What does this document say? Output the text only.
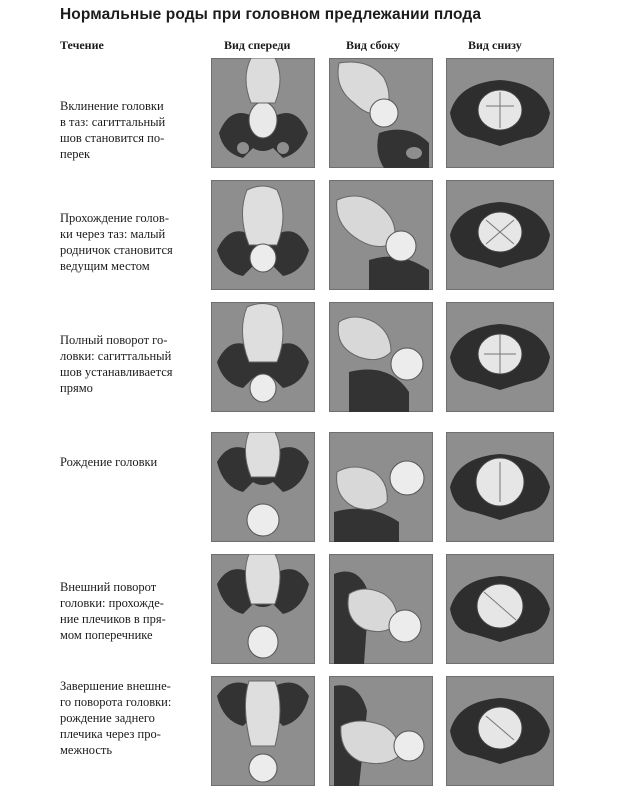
Нормальные роды при головном предлежании плода
Течение	Вид спереди	Вид сбоку	Вид снизу
Вклинение головки
в таз: сагиттальный
шов становится по-
перек
Прохождение голов-
ки через таз: малый
родничок становится
ведущим местом
Полный поворот го-
ловки: сагиттальный
шов устанавливается
прямо
Рождение головки
Внешний поворот
головки: прохожде-
ние плечиков в пря-
мом поперечнике
Завершение внешне-
го поворота головки:
рождение заднего
плечика через про-
межность
